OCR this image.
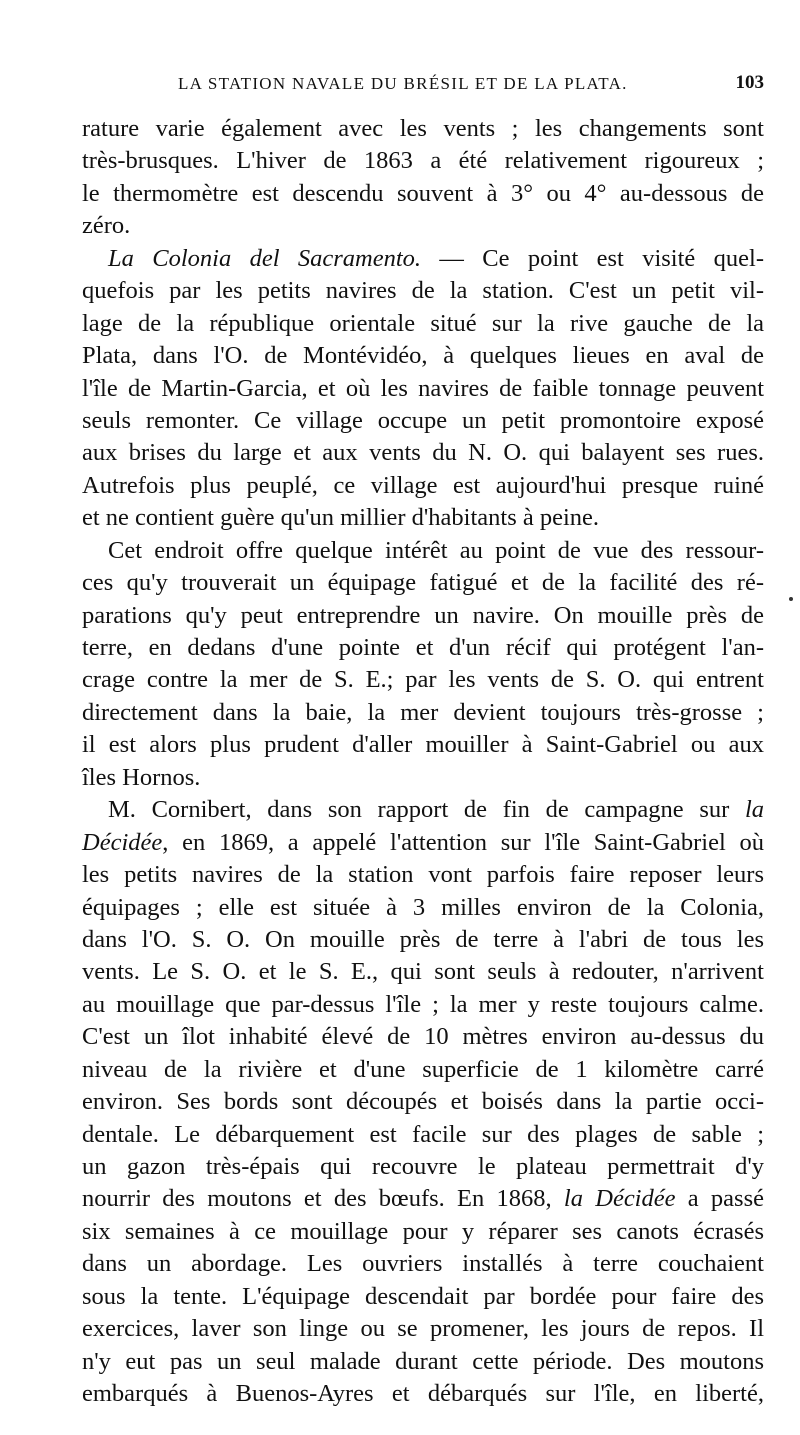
LA STATION NAVALE DU BRÉSIL ET DE LA PLATA.	103
rature varie également avec les vents ; les changements sont
très-brusques. L'hiver de 1863 a été relativement rigoureux ;
le thermomètre est descendu souvent à 3° ou 4° au-dessous de
zéro.
La Colonia del Sacramento. — Ce point est visité quel-
quefois par les petits navires de la station. C'est un petit vil-
lage de la république orientale situé sur la rive gauche de la
Plata, dans l'O. de Montévidéo, à quelques lieues en aval de
l'île de Martin-Garcia, et où les navires de faible tonnage peuvent
seuls remonter. Ce village occupe un petit promontoire exposé
aux brises du large et aux vents du N. O. qui balayent ses rues.
Autrefois plus peuplé, ce village est aujourd'hui presque ruiné
et ne contient guère qu'un millier d'habitants à peine.
Cet endroit offre quelque intérêt au point de vue des ressour-
ces qu'y trouverait un équipage fatigué et de la facilité des ré-
parations qu'y peut entreprendre un navire. On mouille près de
terre, en dedans d'une pointe et d'un récif qui protégent l'an-
crage contre la mer de S. E.; par les vents de S. O. qui entrent
directement dans la baie, la mer devient toujours très-grosse ;
il est alors plus prudent d'aller mouiller à Saint-Gabriel ou aux
îles Hornos.
M. Cornibert, dans son rapport de fin de campagne sur la
Décidée, en 1869, a appelé l'attention sur l'île Saint-Gabriel où
les petits navires de la station vont parfois faire reposer leurs
équipages ; elle est située à 3 milles environ de la Colonia,
dans l'O. S. O. On mouille près de terre à l'abri de tous les
vents. Le S. O. et le S. E., qui sont seuls à redouter, n'arrivent
au mouillage que par-dessus l'île ; la mer y reste toujours calme.
C'est un îlot inhabité élevé de 10 mètres environ au-dessus du
niveau de la rivière et d'une superficie de 1 kilomètre carré
environ. Ses bords sont découpés et boisés dans la partie occi-
dentale. Le débarquement est facile sur des plages de sable ;
un gazon très-épais qui recouvre le plateau permettrait d'y
nourrir des moutons et des bœufs. En 1868, la Décidée a passé
six semaines à ce mouillage pour y réparer ses canots écrasés
dans un abordage. Les ouvriers installés à terre couchaient
sous la tente. L'équipage descendait par bordée pour faire des
exercices, laver son linge ou se promener, les jours de repos. Il
n'y eut pas un seul malade durant cette période. Des moutons
embarqués à Buenos-Ayres et débarqués sur l'île, en liberté,
